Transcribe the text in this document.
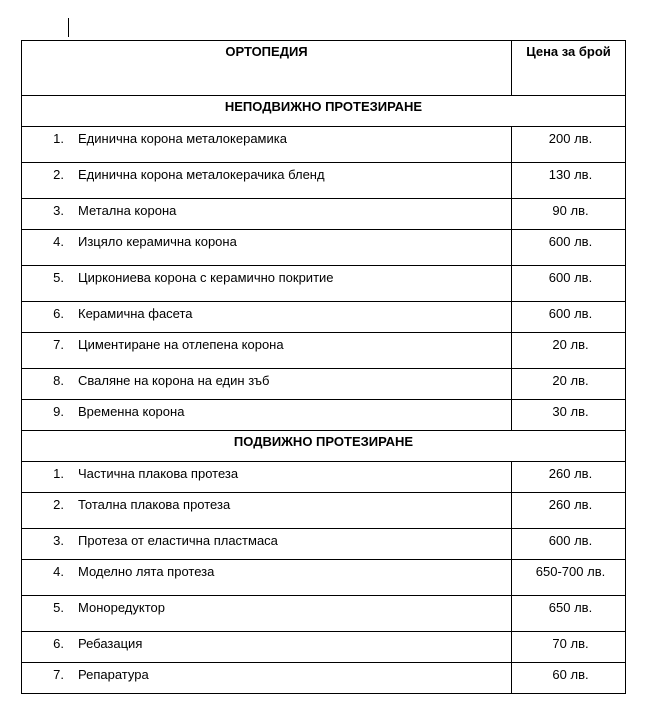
ОРТОПЕДИЯ	Цена за брой

НЕПОДВИЖНО ПРОТЕЗИРАНЕ	

1. Единична корона металокерамика	200 лв.

2. Единична корона металокерачика бленд	130 лв.

3. Метална корона	90 лв.

4. Изцяло керамична корона	600 лв.

5. Циркониева корона с керамично покритие	600 лв.

6. Керамична фасета	600 лв.

7. Циментиране на отлепена корона	20 лв.

8. Сваляне на корона на един зъб	20 лв.

9. Временна корона	30 лв.

ПОДВИЖНО ПРОТЕЗИРАНЕ	

1. Частична плакова протеза	260 лв.

2. Тотална плакова протеза	260 лв.

3. Протеза от еластична пластмаса	600 лв.

4. Моделно лята протеза	650-700 лв.

5. Моноредуктор	650 лв.

6. Ребазация	70 лв.

7. Репаратура	60 лв.
